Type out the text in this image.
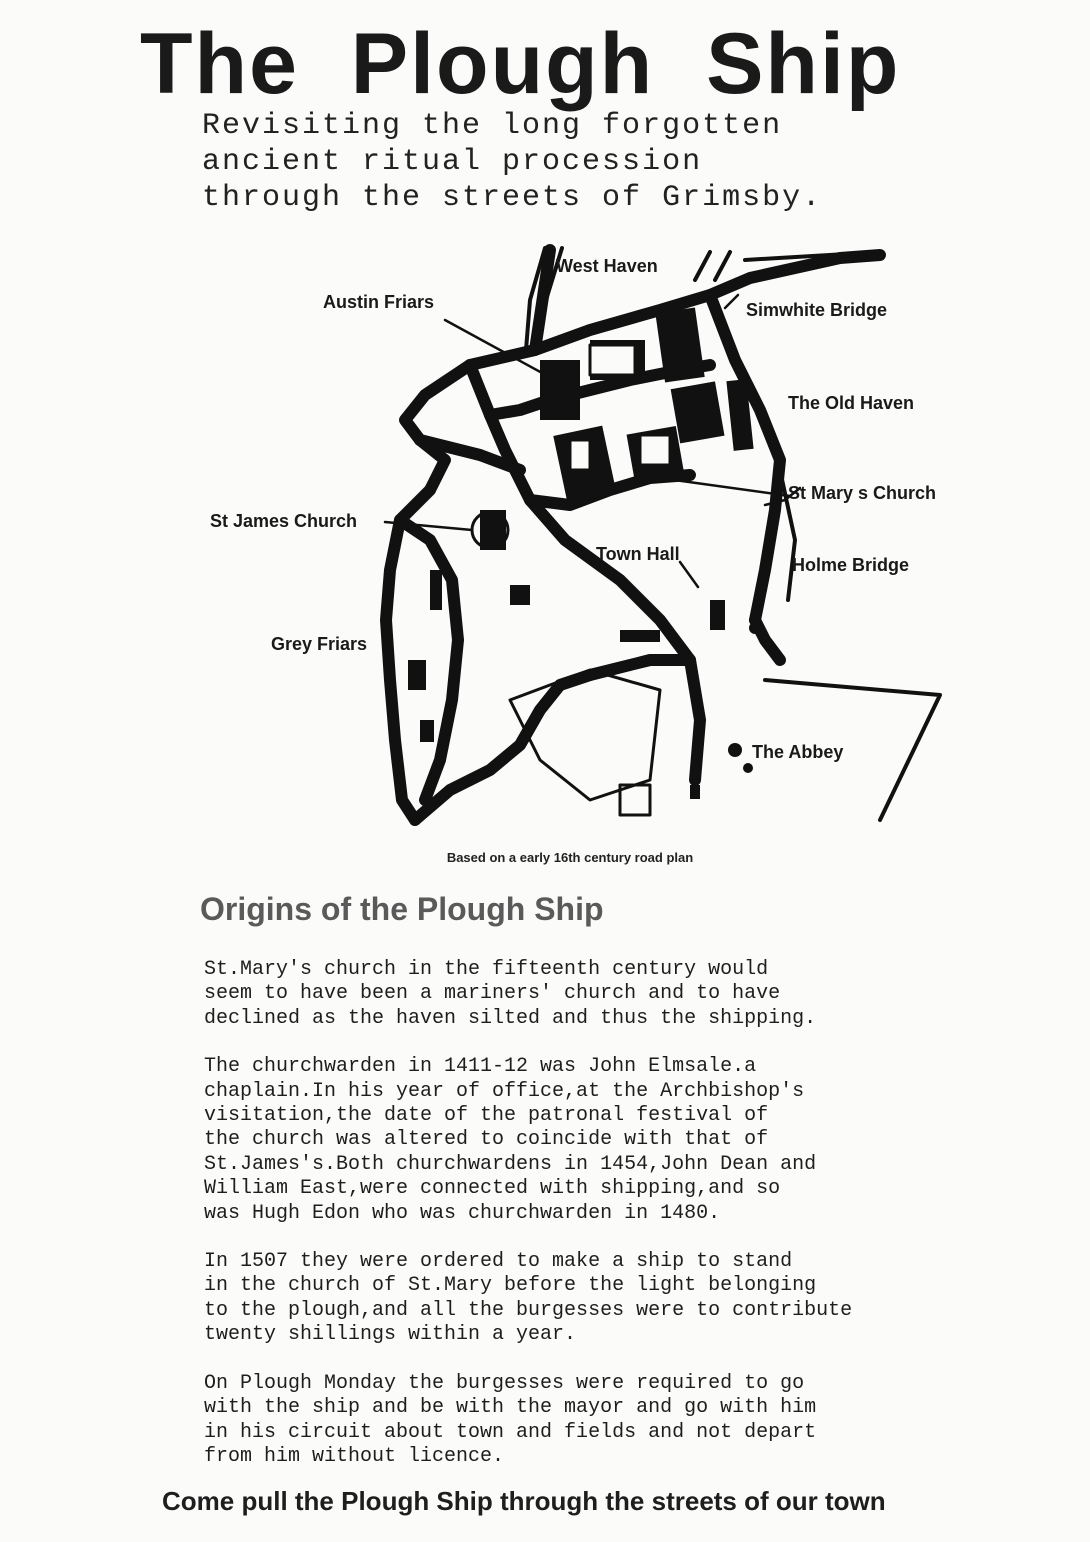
The Plough Ship
Revisiting the long forgotten
ancient ritual procession
through the streets of Grimsby.
West Haven
Austin Friars	Simwhite Bridge
The Old Haven
St Mary s Church
St James Church
Town Hall
Holme Bridge
Grey Friars
The Abbey
Based on a early 16th century road plan
Origins of the Plough Ship

St.Mary's church in the fifteenth century would
seem to have been a mariners' church and to have
declined as the haven silted and thus the shipping.

The churchwarden in 1411-12 was John Elmsale.a
chaplain.In his year of office,at the Archbishop's
visitation,the date of the patronal festival of
the church was altered to coincide with that of
St.James's.Both churchwardens in 1454,John Dean and
William East,were connected with shipping,and so
was Hugh Edon who was churchwarden in 1480.

In 1507 they were ordered to make a ship to stand
in the church of St.Mary before the light belonging
to the plough,and all the burgesses were to contribute
twenty shillings within a year.

On Plough Monday the burgesses were required to go
with the ship and be with the mayor and go with him
in his circuit about town and fields and not depart
from him without licence.

Come pull the Plough Ship through the streets of our town
